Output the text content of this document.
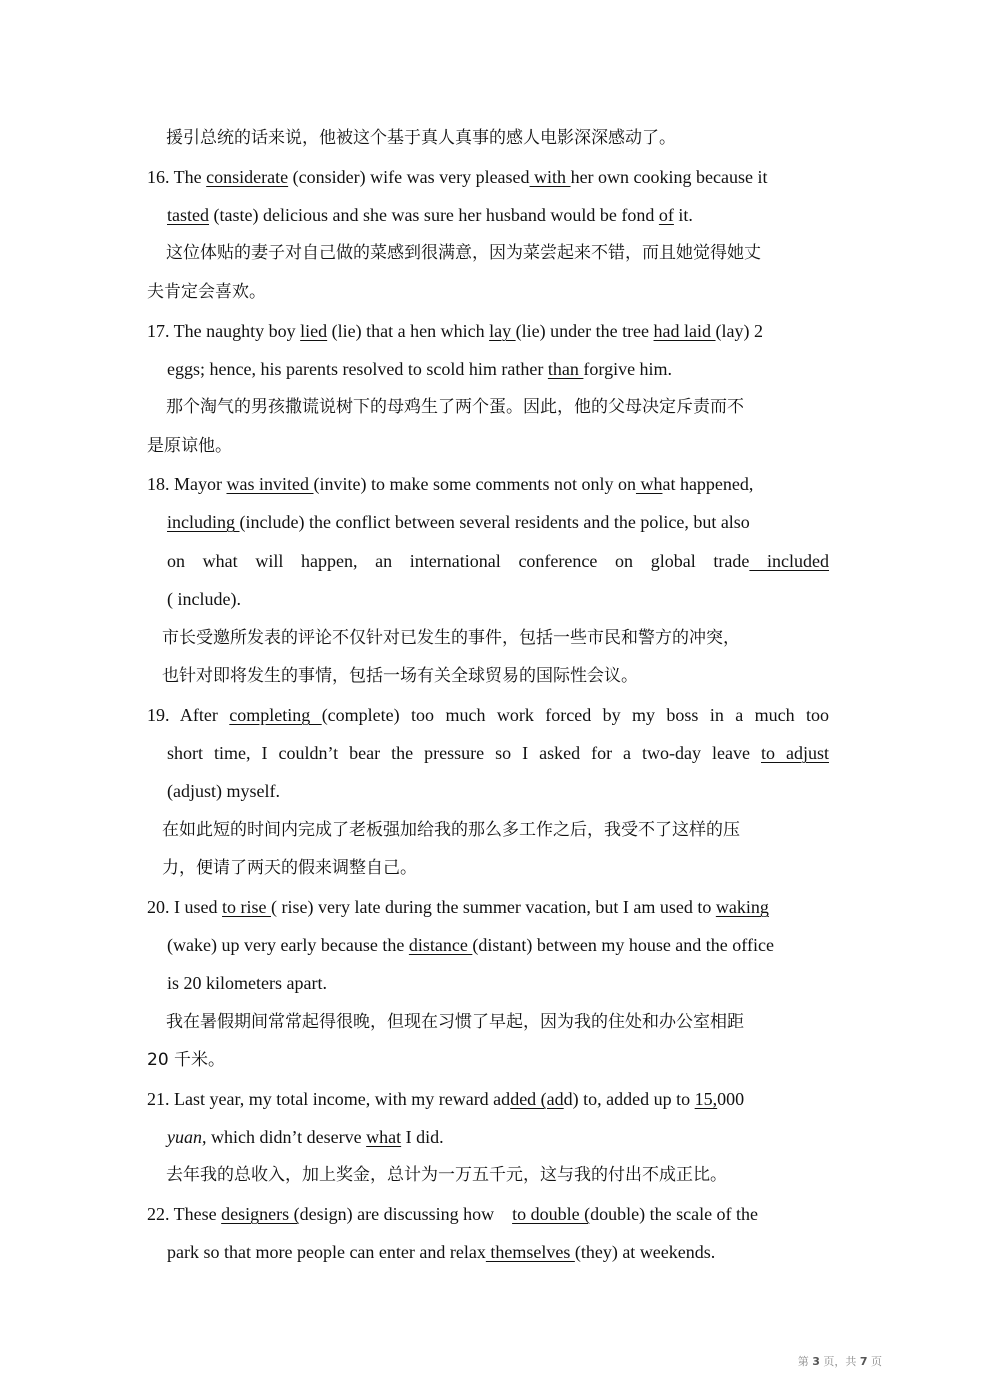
援引总统的话来说，他被这个基于真人真事的感人电影深深感动了。
16. The considerate (consider) wife was very pleased with her own cooking because it
tasted (taste) delicious and she was sure her husband would be fond of it.
这位体贴的妻子对自己做的菜感到很满意，因为菜尝起来不错，而且她觉得她丈
夫肯定会喜欢。
17. The naughty boy lied (lie) that a hen which lay (lie) under the tree had laid (lay) 2
eggs; hence, his parents resolved to scold him rather than forgive him.
那个淘气的男孩撒谎说树下的母鸡生了两个蛋。因此，他的父母决定斥责而不
是原谅他。
18. Mayor was invited (invite) to make some comments not only on what happened,
including (include) the conflict between several residents and the police, but also
on what will happen, an international conference on global trade included
( include).
市长受邀所发表的评论不仅针对已发生的事件，包括一些市民和警方的冲突，
也针对即将发生的事情，包括一场有关全球贸易的国际性会议。
19. After completing (complete) too much work forced by my boss in a much too
short time, I couldn’t bear the pressure so I asked for a two-day leave to adjust
(adjust) myself.
在如此短的时间内完成了老板强加给我的那么多工作之后，我受不了这样的压
力，便请了两天的假来调整自己。
20. I used to rise ( rise) very late during the summer vacation, but I am used to waking
(wake) up very early because the distance (distant) between my house and the office
is 20 kilometers apart.
我在暑假期间常常起得很晚，但现在习惯了早起，因为我的住处和办公室相距
20 千米。
21. Last year, my total income, with my reward added (add) to, added up to 15,000
yuan, which didn’t deserve what I did.
去年我的总收入，加上奖金，总计为一万五千元，这与我的付出不成正比。
22. These designers (design) are discussing how    to double (double) the scale of the
park so that more people can enter and relax themselves (they) at weekends.
第 3 页，共 7 页
